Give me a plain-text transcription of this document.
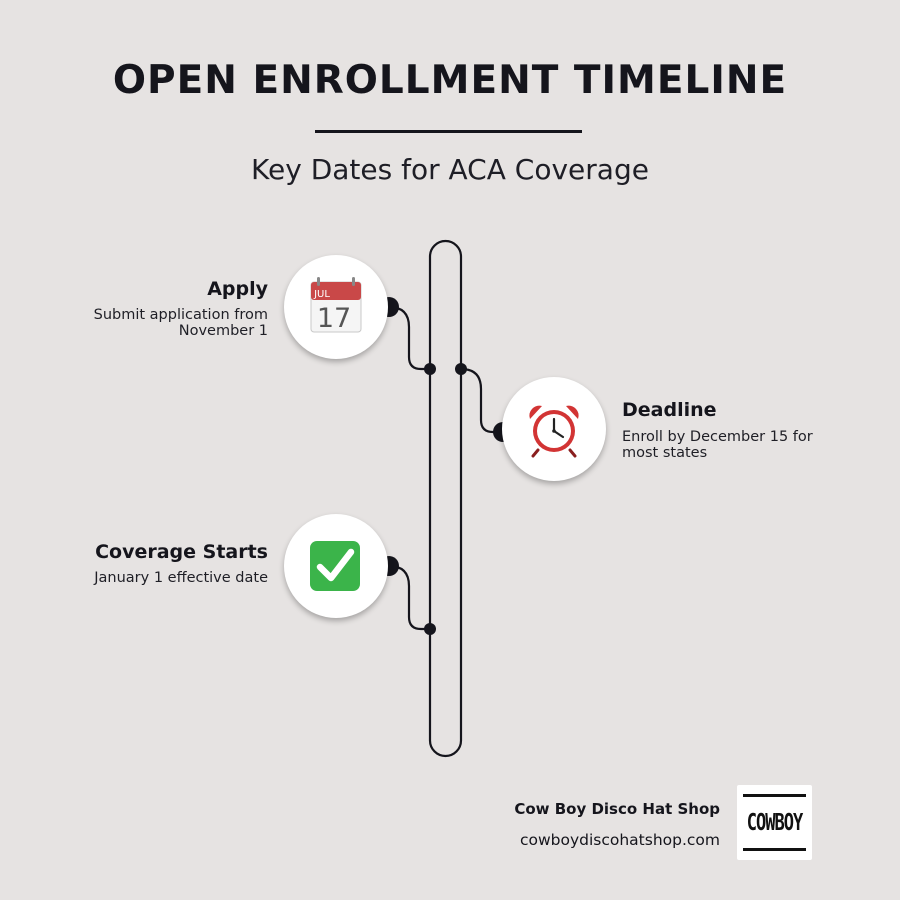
OPEN ENROLLMENT TIMELINE
Key Dates for ACA Coverage
JUL
17
Apply
Submit application from November 1
Deadline
Enroll by December 15 for most states
Coverage Starts
January 1 effective date
Cow Boy Disco Hat Shop
cowboydiscohatshop.com
COWBOY
